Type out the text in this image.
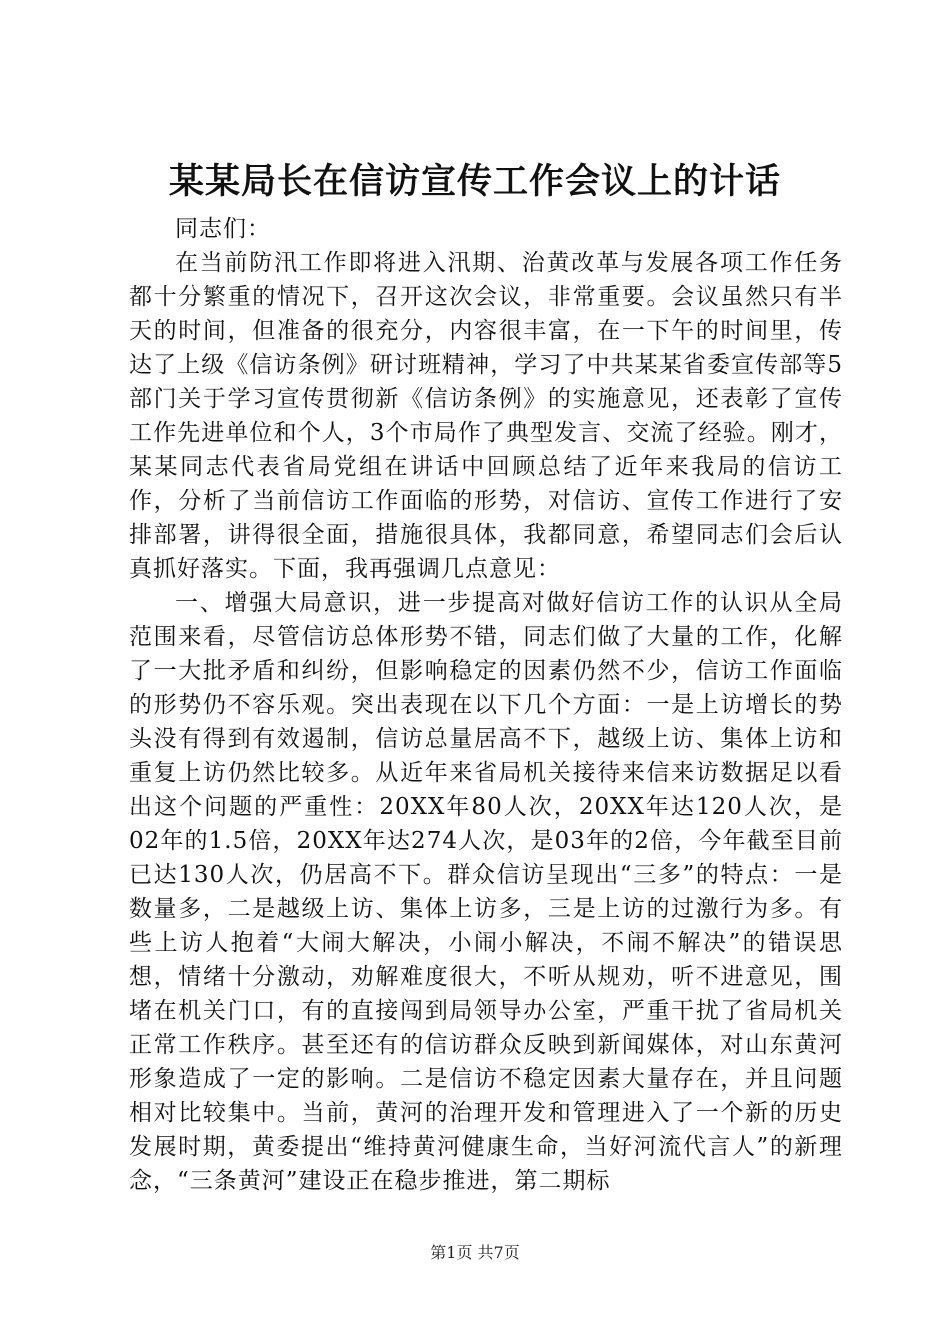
某某局长在信访宣传工作会议上的计话

同志们：

在当前防汛工作即将进入汛期、治黄改革与发展各项工作任务都十分繁重的情况下，召开这次会议，非常重要。会议虽然只有半天的时间，但准备的很充分，内容很丰富，在一下午的时间里，传达了上级《信访条例》研讨班精神，学习了中共某某省委宣传部等5部门关于学习宣传贯彻新《信访条例》的实施意见，还表彰了宣传工作先进单位和个人，3个市局作了典型发言、交流了经验。刚才，某某同志代表省局党组在讲话中回顾总结了近年来我局的信访工作，分析了当前信访工作面临的形势，对信访、宣传工作进行了安排部署，讲得很全面，措施很具体，我都同意，希望同志们会后认真抓好落实。下面，我再强调几点意见：

一、增强大局意识，进一步提高对做好信访工作的认识从全局范围来看，尽管信访总体形势不错，同志们做了大量的工作，化解了一大批矛盾和纠纷，但影响稳定的因素仍然不少，信访工作面临的形势仍不容乐观。突出表现在以下几个方面：一是上访增长的势头没有得到有效遏制，信访总量居高不下，越级上访、集体上访和重复上访仍然比较多。从近年来省局机关接待来信来访数据足以看出这个问题的严重性：20XX年80人次，20XX年达120人次，是02年的1.5倍，20XX年达274人次，是03年的2倍，今年截至目前已达130人次，仍居高不下。群众信访呈现出“三多”的特点：一是数量多，二是越级上访、集体上访多，三是上访的过激行为多。有些上访人抱着“大闹大解决，小闹小解决，不闹不解决”的错误思想，情绪十分激动，劝解难度很大，不听从规劝，听不进意见，围堵在机关门口，有的直接闯到局领导办公室，严重干扰了省局机关正常工作秩序。甚至还有的信访群众反映到新闻媒体，对山东黄河形象造成了一定的影响。二是信访不稳定因素大量存在，并且问题相对比较集中。当前，黄河的治理开发和管理进入了一个新的历史发展时期，黄委提出“维持黄河健康生命，当好河流代言人”的新理念，“三条黄河”建设正在稳步推进，第二期标

第1页 共7页
